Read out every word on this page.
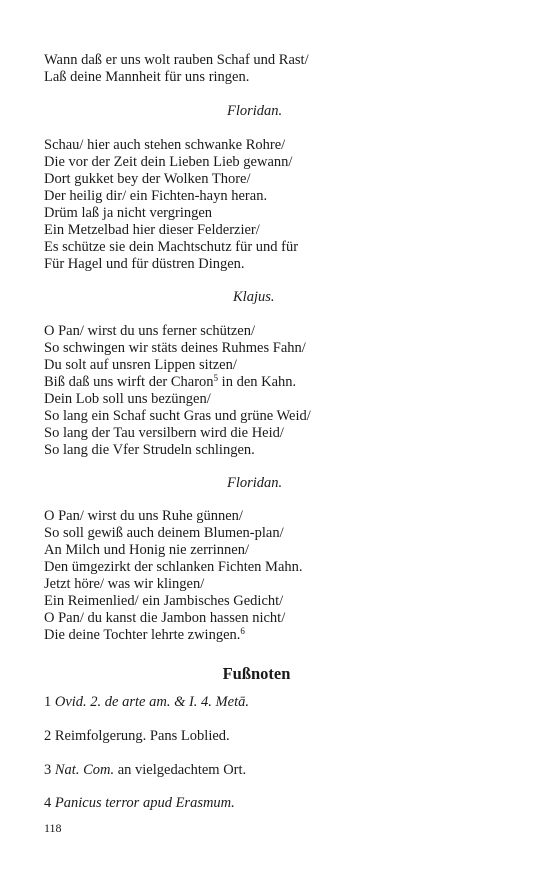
Wann daß er uns wolt rauben Schaf und Rast/
Laß deine Mannheit für uns ringen.
Floridan.
Schau/ hier auch stehen schwanke Rohre/
Die vor der Zeit dein Lieben Lieb gewann/
Dort gukket bey der Wolken Thore/
Der heilig dir/ ein Fichten-hayn heran.
Drüm laß ja nicht vergringen
Ein Metzelbad hier dieser Felderzier/
Es schütze sie dein Machtschutz für und für
Für Hagel und für düstren Dingen.
Klajus.
O Pan/ wirst du uns ferner schützen/
So schwingen wir stäts deines Ruhmes Fahn/
Du solt auf unsren Lippen sitzen/
Biß daß uns wirft der Charon$^5$ in den Kahn.
Dein Lob soll uns bezüngen/
So lang ein Schaf sucht Gras und grüne Weid/
So lang der Tau versilbern wird die Heid/
So lang die Vfer Strudeln schlingen.
Floridan.
O Pan/ wirst du uns Ruhe günnen/
So soll gewiß auch deinem Blumen-plan/
An Milch und Honig nie zerrinnen/
Den ümgezirkt der schlanken Fichten Mahn.
Jetzt höre/ was wir klingen/
Ein Reimenlied/ ein Jambisches Gedicht/
O Pan/ du kanst die Jambon hassen nicht/
Die deine Tochter lehrte zwingen.$^6$
Fußnoten
1 Ovid. 2. de arte am. & I. 4. Metā.
2 Reimfolgerung. Pans Loblied.
3 Nat. Com. an vielgedachtem Ort.
4 Panicus terror apud Erasmum.
118
